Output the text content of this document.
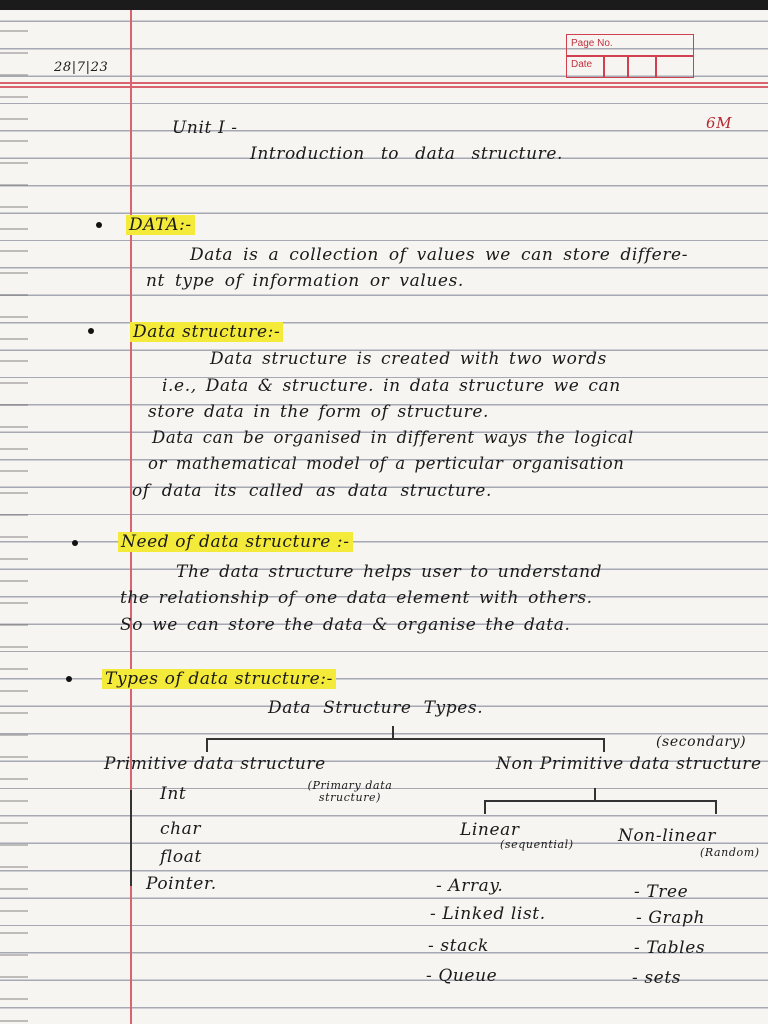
Page No.
Date
28|7|23
6M
Unit I -
Introduction to data structure.
DATA:-
Data is a collection of values we can store differe-
nt type of information or values.
Data structure:-
Data structure is created with two words
i.e., Data & structure. in data structure we can
store data in the form of structure.
Data can be organised in different ways the logical
or mathematical model of a perticular organisation
of data its called as data structure.
Need of data structure :-
The data structure helps user to understand
the relationship of one data element with others.
So we can store the data & organise the data.
Types of data structure:-
Data Structure Types.
(secondary)
Primitive data structure	Non Primitive data structure
(Primary data structure)
Int
char
float
Pointer.
Linear
(sequential)	Non-linear
(Random)
- Array.
- Linked list.
- stack
- Queue
- Tree
- Graph
- Tables
- sets
